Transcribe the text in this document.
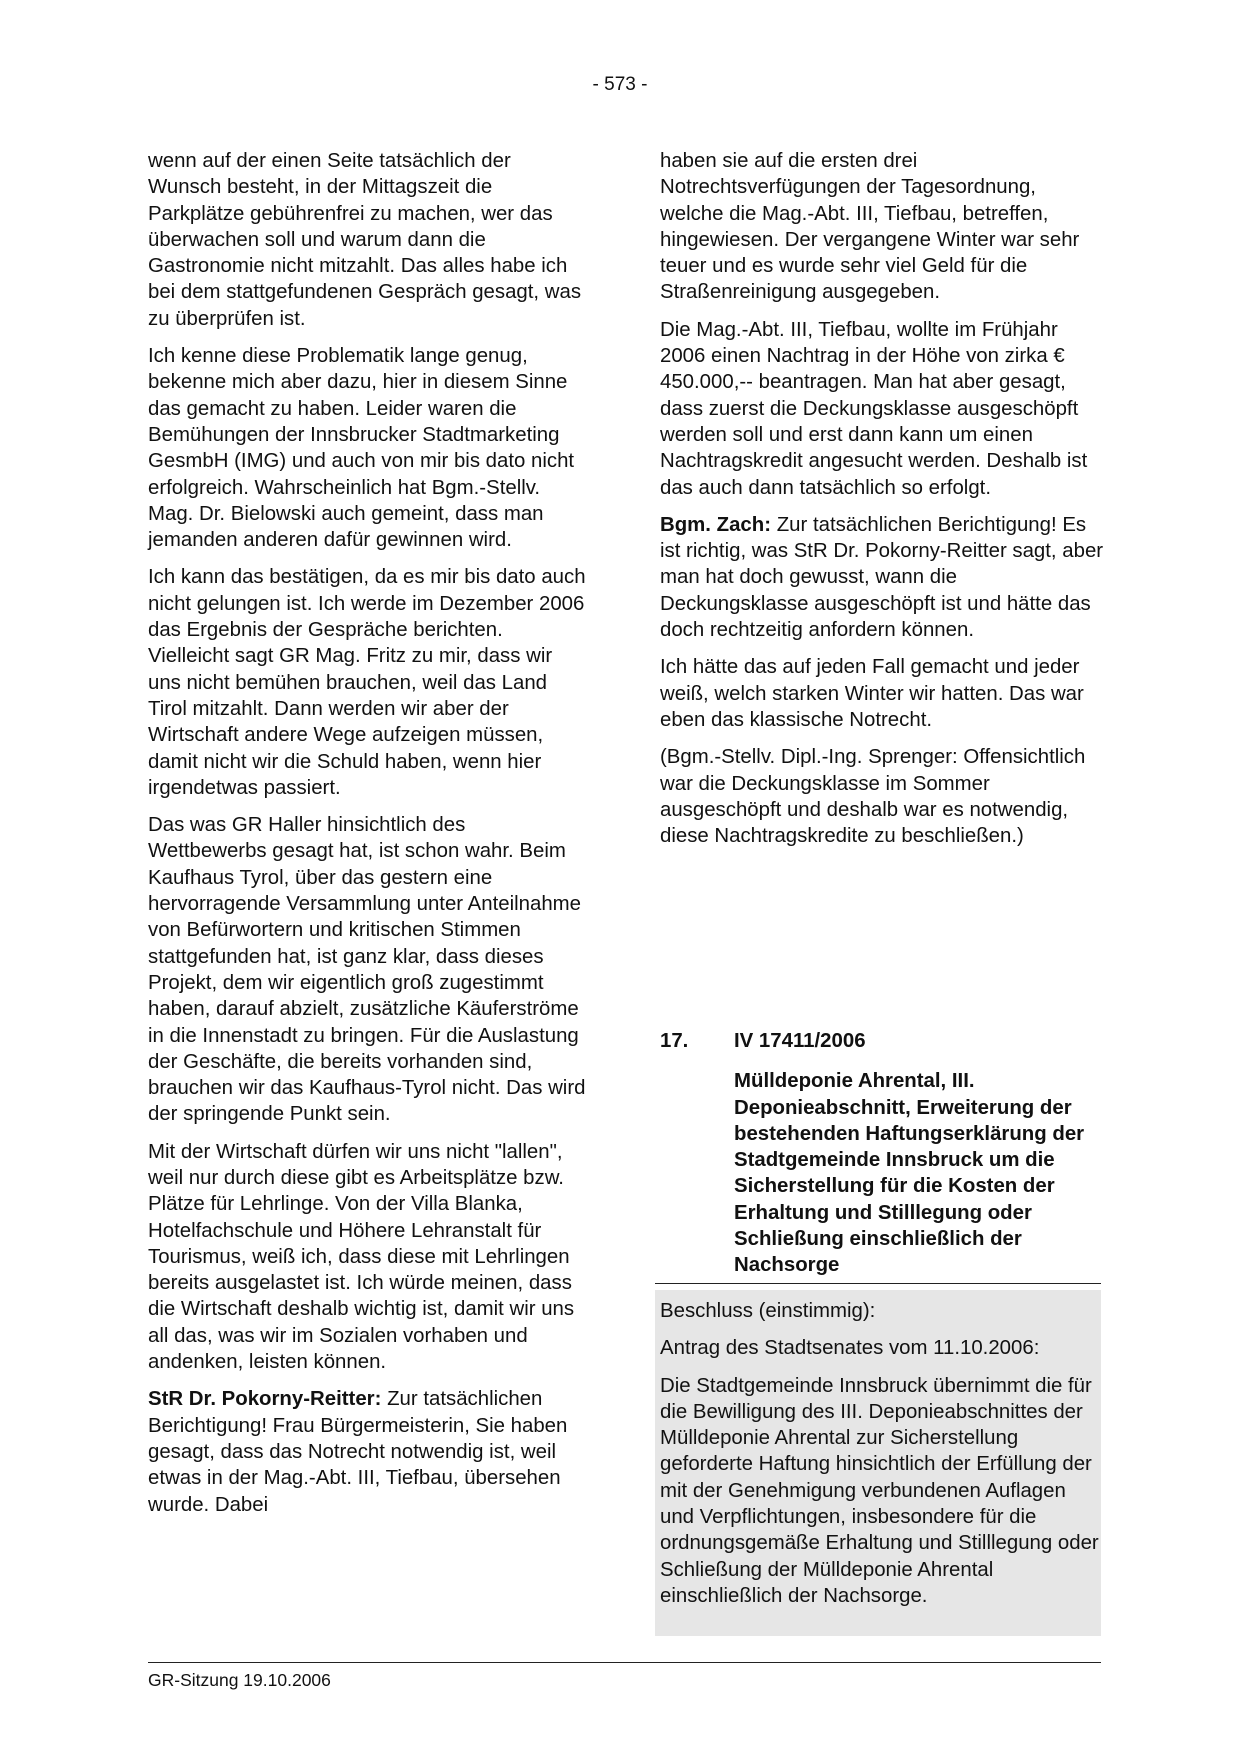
- 573 -

wenn auf der einen Seite tatsächlich der Wunsch besteht, in der Mittagszeit die Parkplätze gebührenfrei zu machen, wer das überwachen soll und warum dann die Gastronomie nicht mitzahlt. Das alles habe ich bei dem stattgefundenen Gespräch gesagt, was zu überprüfen ist.

Ich kenne diese Problematik lange genug, bekenne mich aber dazu, hier in diesem Sinne das gemacht zu haben. Leider waren die Bemühungen der Innsbrucker Stadtmarketing GesmbH (IMG) und auch von mir bis dato nicht erfolgreich. Wahrscheinlich hat Bgm.-Stellv. Mag. Dr. Bielowski auch gemeint, dass man jemanden anderen dafür gewinnen wird.

Ich kann das bestätigen, da es mir bis dato auch nicht gelungen ist. Ich werde im Dezember 2006 das Ergebnis der Gespräche berichten. Vielleicht sagt GR Mag. Fritz zu mir, dass wir uns nicht bemühen brauchen, weil das Land Tirol mitzahlt. Dann werden wir aber der Wirtschaft andere Wege aufzeigen müssen, damit nicht wir die Schuld haben, wenn hier irgendetwas passiert.

Das was GR Haller hinsichtlich des Wettbewerbs gesagt hat, ist schon wahr. Beim Kaufhaus Tyrol, über das gestern eine hervorragende Versammlung unter Anteilnahme von Befürwortern und kritischen Stimmen stattgefunden hat, ist ganz klar, dass dieses Projekt, dem wir eigentlich groß zugestimmt haben, darauf abzielt, zusätzliche Käuferströme in die Innenstadt zu bringen. Für die Auslastung der Geschäfte, die bereits vorhanden sind, brauchen wir das Kaufhaus-Tyrol nicht. Das wird der springende Punkt sein.

Mit der Wirtschaft dürfen wir uns nicht "lallen", weil nur durch diese gibt es Arbeitsplätze bzw. Plätze für Lehrlinge. Von der Villa Blanka, Hotelfachschule und Höhere Lehranstalt für Tourismus, weiß ich, dass diese mit Lehrlingen bereits ausgelastet ist. Ich würde meinen, dass die Wirtschaft deshalb wichtig ist, damit wir uns all das, was wir im Sozialen vorhaben und andenken, leisten können.

StR Dr. Pokorny-Reitter: Zur tatsächlichen Berichtigung! Frau Bürgermeisterin, Sie haben gesagt, dass das Notrecht notwendig ist, weil etwas in der Mag.-Abt. III, Tiefbau, übersehen wurde. Dabei

haben sie auf die ersten drei Notrechtsverfügungen der Tagesordnung, welche die Mag.-Abt. III, Tiefbau, betreffen, hingewiesen. Der vergangene Winter war sehr teuer und es wurde sehr viel Geld für die Straßenreinigung ausgegeben.

Die Mag.-Abt. III, Tiefbau, wollte im Frühjahr 2006 einen Nachtrag in der Höhe von zirka € 450.000,-- beantragen. Man hat aber gesagt, dass zuerst die Deckungsklasse ausgeschöpft werden soll und erst dann kann um einen Nachtragskredit angesucht werden. Deshalb ist das auch dann tatsächlich so erfolgt.

Bgm. Zach: Zur tatsächlichen Berichtigung! Es ist richtig, was StR Dr. Pokorny-Reitter sagt, aber man hat doch gewusst, wann die Deckungsklasse ausgeschöpft ist und hätte das doch rechtzeitig anfordern können.

Ich hätte das auf jeden Fall gemacht und jeder weiß, welch starken Winter wir hatten. Das war eben das klassische Notrecht.

(Bgm.-Stellv. Dipl.-Ing. Sprenger: Offensichtlich war die Deckungsklasse im Sommer ausgeschöpft und deshalb war es notwendig, diese Nachtragskredite zu beschließen.)

17.	IV 17411/2006
Mülldeponie Ahrental, III. Deponieabschnitt, Erweiterung der bestehenden Haftungserklärung der Stadtgemeinde Innsbruck um die Sicherstellung für die Kosten der Erhaltung und Stilllegung oder Schließung einschließlich der Nachsorge

Beschluss (einstimmig):

Antrag des Stadtsenates vom 11.10.2006:

Die Stadtgemeinde Innsbruck übernimmt die für die Bewilligung des III. Deponieabschnittes der Mülldeponie Ahrental zur Sicherstellung geforderte Haftung hinsichtlich der Erfüllung der mit der Genehmigung verbundenen Auflagen und Verpflichtungen, insbesondere für die ordnungsgemäße Erhaltung und Stilllegung oder Schließung der Mülldeponie Ahrental einschließlich der Nachsorge.

GR-Sitzung 19.10.2006
